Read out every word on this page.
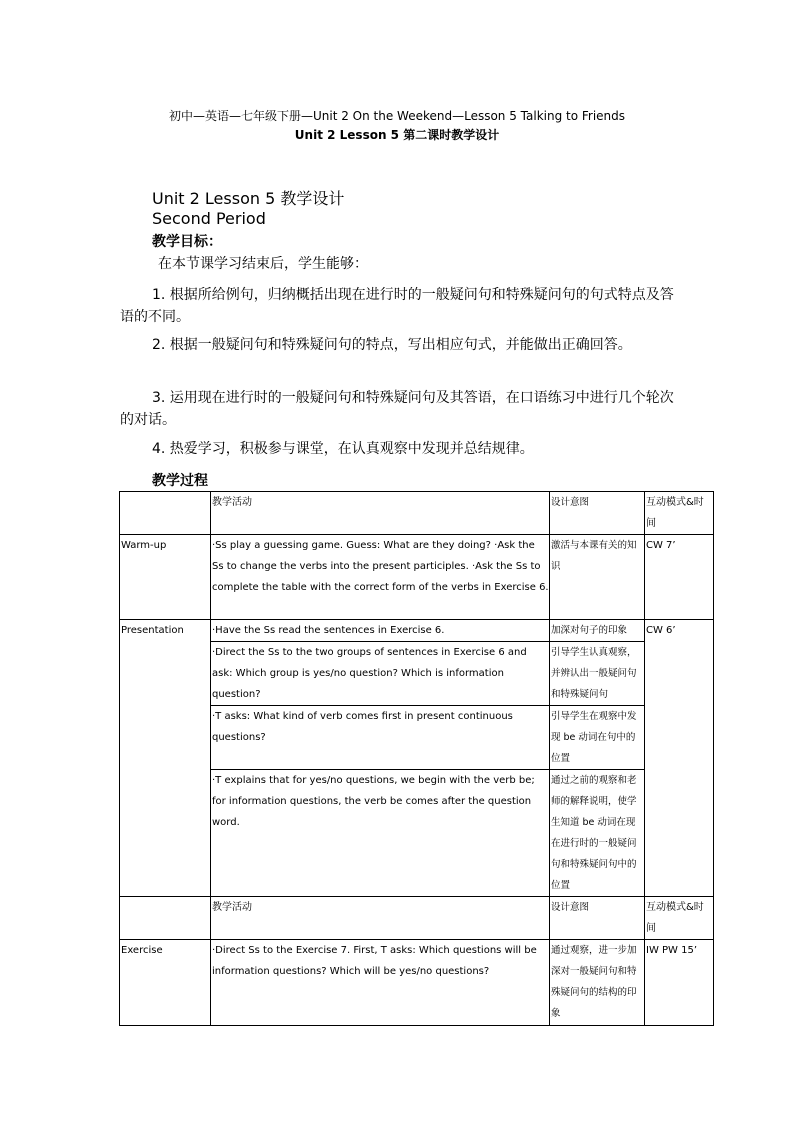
初中—英语—七年级下册—Unit 2 On the Weekend—Lesson 5 Talking to Friends
Unit 2 Lesson 5 第二课时教学设计
Unit 2 Lesson 5 教学设计
Second Period
教学目标：
在本节课学习结束后，学生能够：
1. 根据所给例句，归纳概括出现在进行时的一般疑问句和特殊疑问句的句式特点及答语的不同。
2. 根据一般疑问句和特殊疑问句的特点，写出相应句式，并能做出正确回答。
3. 运用现在进行时的一般疑问句和特殊疑问句及其答语，在口语练习中进行几个轮次的对话。
4. 热爱学习，积极参与课堂，在认真观察中发现并总结规律。
教学过程
	教学活动	设计意图	互动模式&时间
Warm-up	·Ss play a guessing game. Guess: What are they doing? ·Ask the Ss to change the verbs into the present participles. ·Ask the Ss to complete the table with the correct form of the verbs in Exercise 6.	激活与本课有关的知识	CW 7’
Presentation	·Have the Ss read the sentences in Exercise 6.	加深对句子的印象	CW 6’
	·Direct the Ss to the two groups of sentences in Exercise 6 and ask: Which group is yes/no question? Which is information question?	引导学生认真观察，并辨认出一般疑问句和特殊疑问句	
	·T asks: What kind of verb comes first in present continuous questions?	引导学生在观察中发现 be 动词在句中的位置	
	·T explains that for yes/no questions, we begin with the verb be; for information questions, the verb be comes after the question word.	通过之前的观察和老师的解释说明，使学生知道 be 动词在现在进行时的一般疑问句和特殊疑问句中的位置	
	教学活动	设计意图	互动模式&时间
Exercise	·Direct Ss to the Exercise 7. First, T asks: Which questions will be information questions? Which will be yes/no questions?	通过观察，进一步加深对一般疑问句和特殊疑问句的结构的印象	IW PW 15’
